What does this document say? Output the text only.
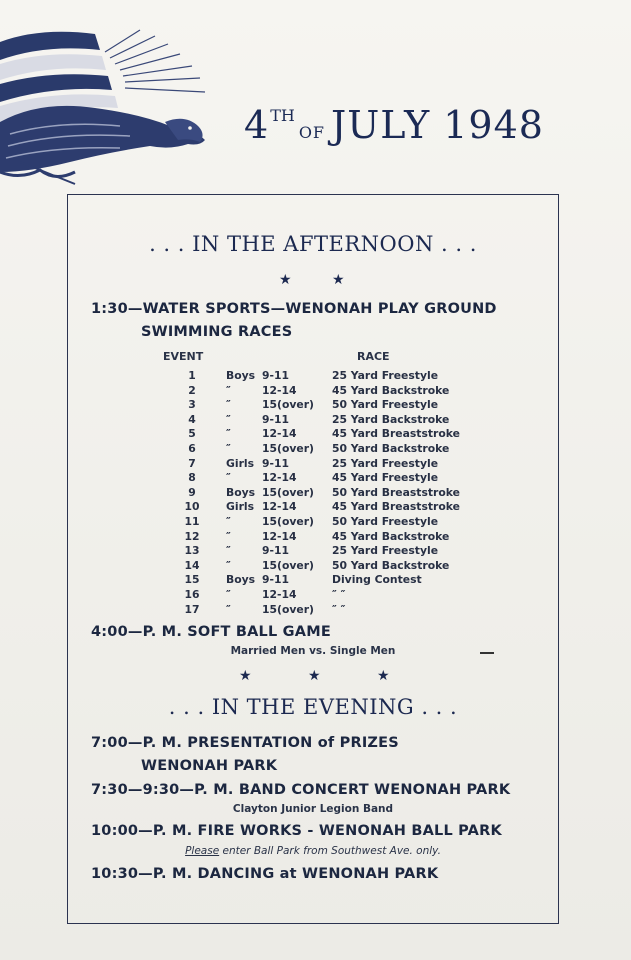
4THOF JULY 1948
. . . IN THE AFTERNOON . . .
★	★
1:30—WATER SPORTS—WENONAH PLAY GROUND
SWIMMING RACES
EVENT	RACE
1	Boys	9-11	25 Yard Freestyle
2	″	12-14	45 Yard Backstroke
3	″	15(over)	50 Yard Freestyle
4	″	9-11	25 Yard Backstroke
5	″	12-14	45 Yard Breaststroke
6	″	15(over)	50 Yard Backstroke
7	Girls	9-11	25 Yard Freestyle
8	″	12-14	45 Yard Freestyle
9	Boys	15(over)	50 Yard Breaststroke
10	Girls	12-14	45 Yard Breaststroke
11	″	15(over)	50 Yard Freestyle
12	″	12-14	45 Yard Backstroke
13	″	9-11	25 Yard Freestyle
14	″	15(over)	50 Yard Backstroke
15	Boys	9-11	Diving Contest
16	″	12-14	″ ″
17	″	15(over)	″ ″
4:00—P. M. SOFT BALL GAME
Married Men vs. Single Men
★	★	★
. . . IN THE EVENING . . .
7:00—P. M. PRESENTATION of PRIZES
WENONAH PARK
7:30—9:30—P. M. BAND CONCERT WENONAH PARK
Clayton Junior Legion Band
10:00—P. M. FIRE WORKS - WENONAH BALL PARK
Please enter Ball Park from Southwest Ave. only.
10:30—P. M. DANCING at WENONAH PARK
